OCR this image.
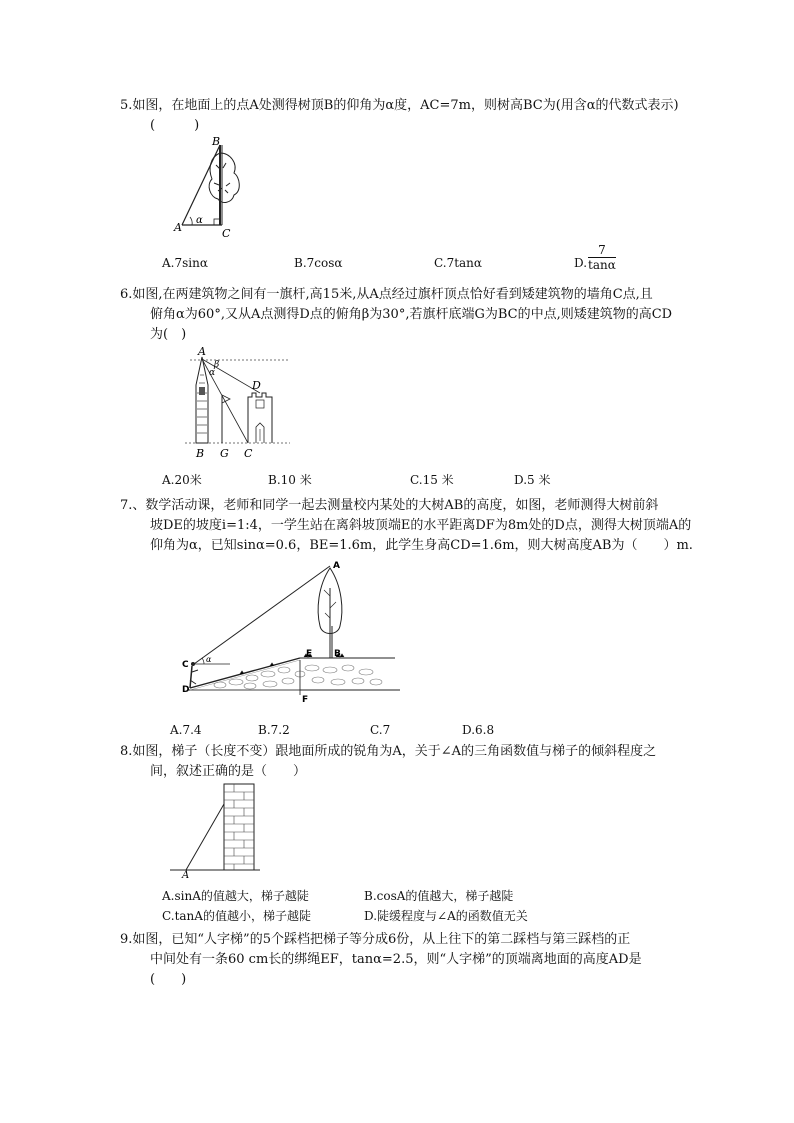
5.如图，在地面上的点A处测得树顶B的仰角为α度，AC=7m，则树高BC为(用含α的代数式表示)
(　　　)
B
A	C
α
A.7sinα	B.7cosα	C.7tanα	D. $\frac{7}{\tan\alpha}$
6.如图,在两建筑物之间有一旗杆,高15米,从A点经过旗杆顶点恰好看到矮建筑物的墙角C点,且
俯角α为60°,又从A点测得D点的俯角β为30°,若旗杆底端G为BC的中点,则矮建筑物的高CD
为(　)
A
β
α
D
B G C
A.20米	B.10 米	C.15 米	D.5 米
7.、数学活动课，老师和同学一起去测量校内某处的大树AB的高度，如图，老师测得大树前斜
坡DE的坡度i=1:4，一学生站在离斜坡顶端E的水平距离DF为8m处的D点，测得大树顶端A的
仰角为α，已知sinα=0.6，BE=1.6m，此学生身高CD=1.6m，则大树高度AB为（　　）m.
A
C
D
E B
F
α
A.7.4	B.7.2	C.7	D.6.8
8.如图，梯子（长度不变）跟地面所成的锐角为A，关于∠A的三角函数值与梯子的倾斜程度之
间，叙述正确的是（　　）
A
A.sinA的值越大，梯子越陡	B.cosA的值越大，梯子越陡
C.tanA的值越小，梯子越陡	D.陡缓程度与∠A的函数值无关
9.如图，已知“人字梯”的5个踩档把梯子等分成6份，从上往下的第二踩档与第三踩档的正
中间处有一条60 cm长的绑绳EF，tanα=2.5，则“人字梯”的顶端离地面的高度AD是
(　　)
